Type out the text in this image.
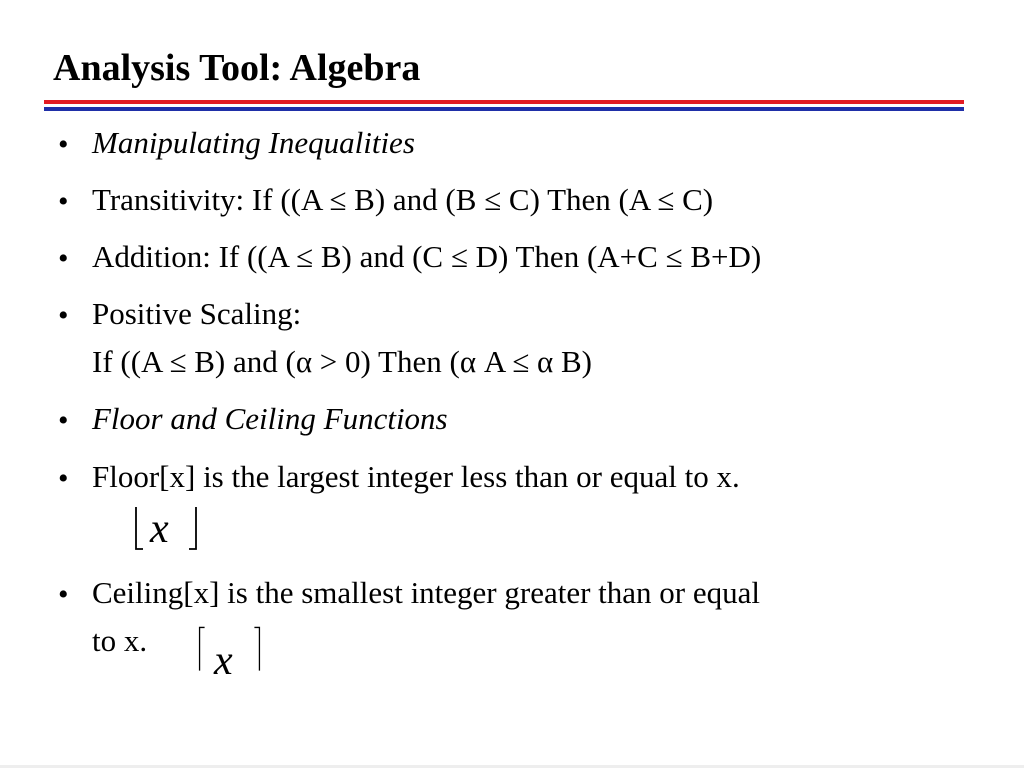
Analysis Tool: Algebra
• Manipulating Inequalities
• Transitivity: If ((A ≤ B) and (B ≤ C) Then (A ≤ C)
• Addition: If ((A ≤ B) and (C ≤ D) Then (A+C ≤ B+D)
• Positive Scaling:
If ((A ≤ B) and (α > 0) Then (α A ≤ α B)
• Floor and Ceiling Functions
• Floor[x] is the largest integer less than or equal to x.
x
• Ceiling[x] is the smallest integer greater than or equal
to x. x
